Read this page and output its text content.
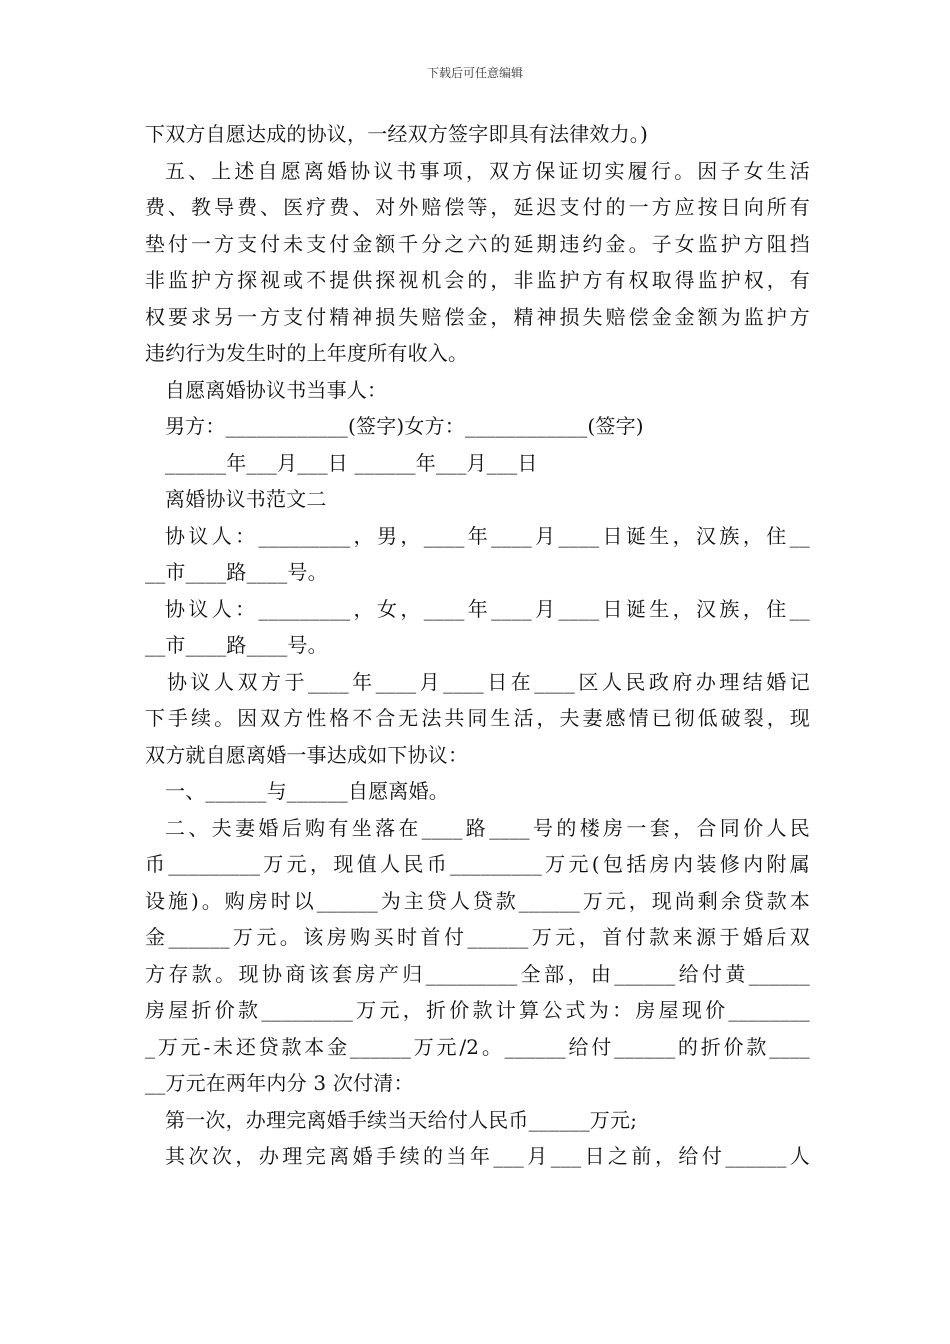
下载后可任意编辑
下双方自愿达成的协议，一经双方签字即具有法律效力。)
五、上述自愿离婚协议书事项，双方保证切实履行。因子女生活
费、教导费、医疗费、对外赔偿等，延迟支付的一方应按日向所有
垫付一方支付未支付金额千分之六的延期违约金。子女监护方阻挡
非监护方探视或不提供探视机会的，非监护方有权取得监护权，有
权要求另一方支付精神损失赔偿金，精神损失赔偿金金额为监护方
违约行为发生时的上年度所有收入。
自愿离婚协议书当事人：
男方：____________(签字)女方：____________(签字)
______年___月___日 ______年___月___日
离婚协议书范文二
协议人：_________，男，____年____月____日诞生，汉族，住__
__市____路____号。
协议人：_________，女，____年____月____日诞生，汉族，住__
__市____路____号。
协议人双方于____年____月____日在____区人民政府办理结婚记
下手续。因双方性格不合无法共同生活，夫妻感情已彻低破裂，现
双方就自愿离婚一事达成如下协议：
一、______与______自愿离婚。
二、夫妻婚后购有坐落在____路____号的楼房一套，合同价人民
币_________万元，现值人民币_________万元(包括房内装修内附属
设施)。购房时以______为主贷人贷款______万元，现尚剩余贷款本
金______万元。该房购买时首付______万元，首付款来源于婚后双
方存款。现协商该套房产归_________全部，由______给付黄______
房屋折价款_________万元，折价款计算公式为：房屋现价________
_万元-未还贷款本金______万元/2。______给付______的折价款____
__万元在两年内分 3 次付清：
第一次，办理完离婚手续当天给付人民币______万元;
其次次，办理完离婚手续的当年___月___日之前，给付______人
